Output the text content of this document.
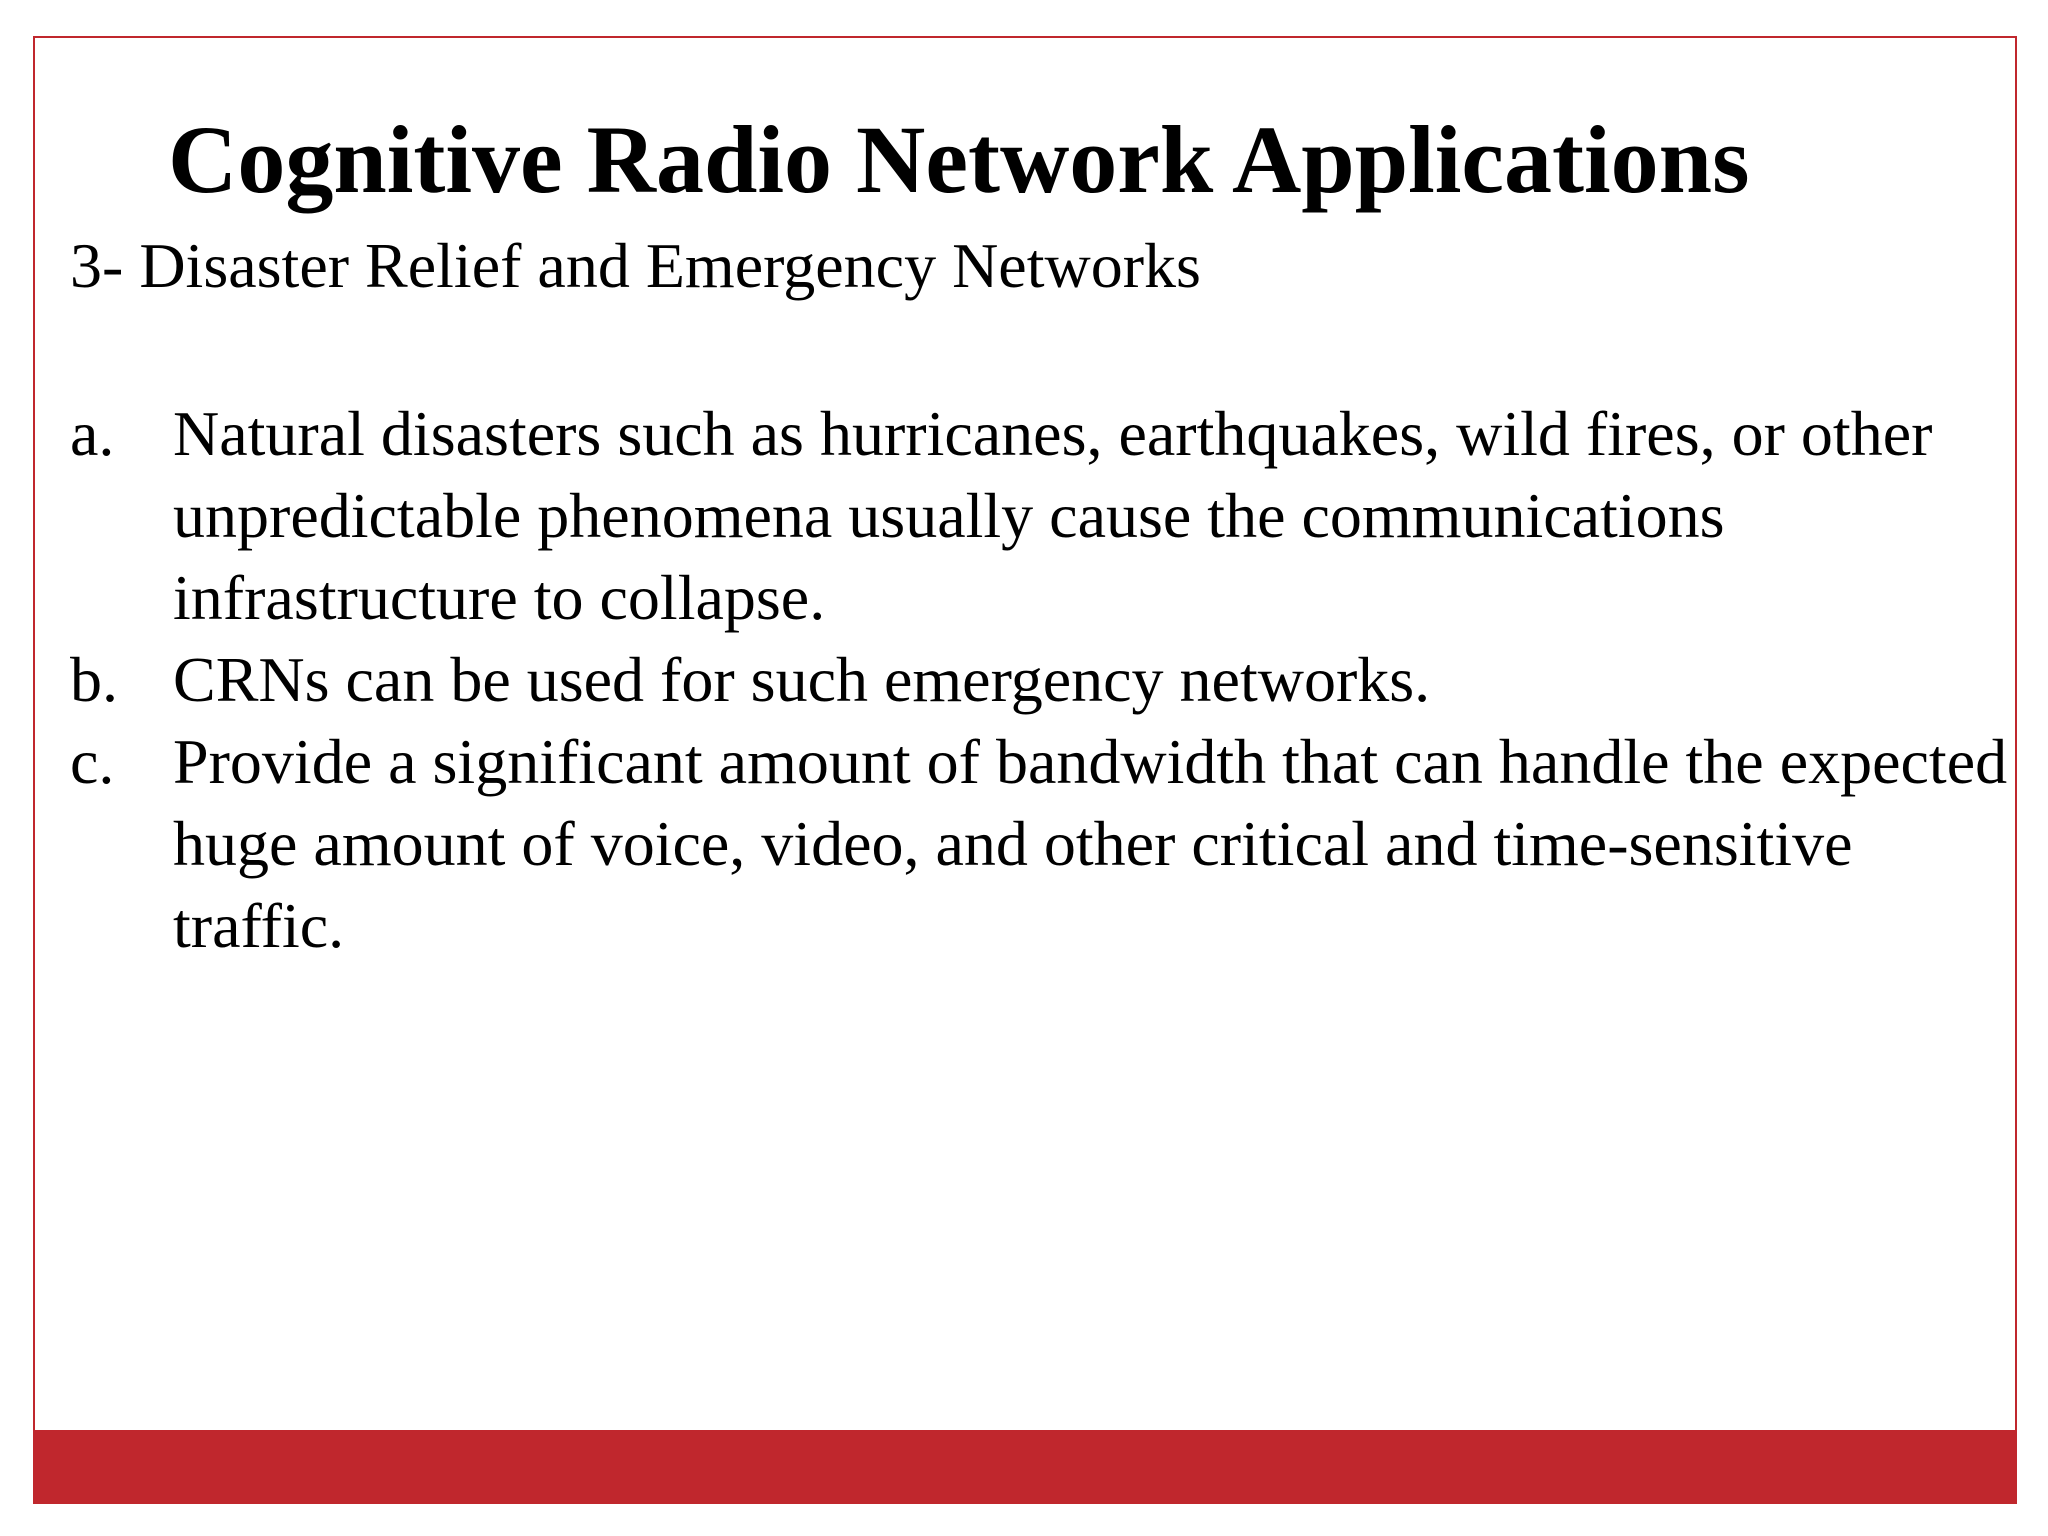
Cognitive Radio Network Applications

3- Disaster Relief and Emergency Networks

a. Natural disasters such as hurricanes, earthquakes, wild fires, or other unpredictable phenomena usually cause the communications infrastructure to collapse.
b. CRNs can be used for such emergency networks.
c. Provide a significant amount of bandwidth that can handle the expected huge amount of voice, video, and other critical and time-sensitive traffic.
